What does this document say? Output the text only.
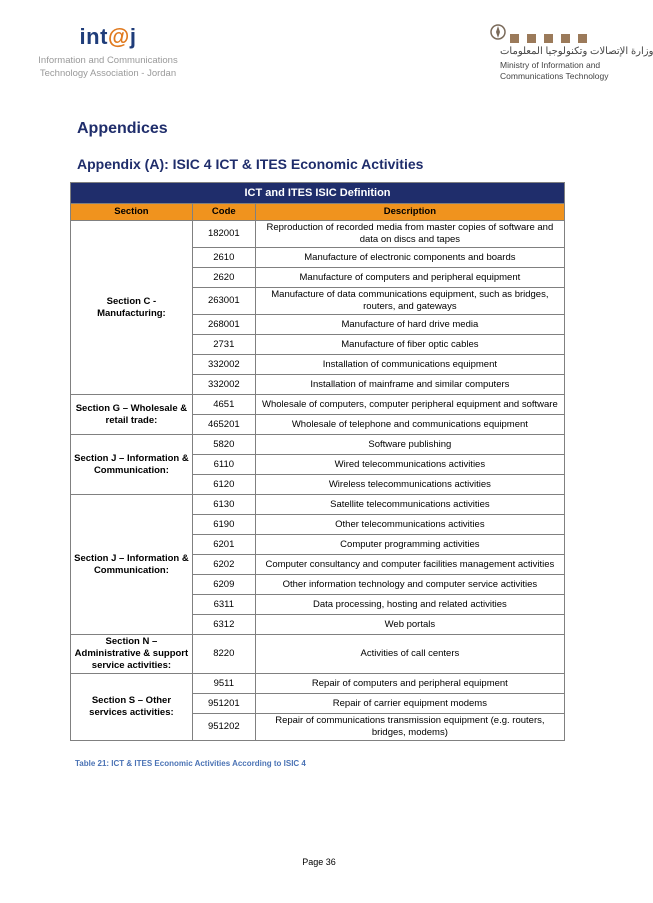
int@j
Information and Communications
Technology Association - Jordan
وزارة الإتصالات وتكنولوجيا المعلومات
Ministry of Information and
Communications Technology
Appendices
Appendix (A): ISIC 4 ICT & ITES Economic Activities
ICT and ITES ISIC Definition		
Section	Code	Description
Section C -
Manufacturing:	182001	Reproduction of recorded media from master copies of software and data on discs and tapes
	2610	Manufacture of electronic components and boards
	2620	Manufacture of computers and peripheral equipment
	263001	Manufacture of data communications equipment, such as bridges, routers, and gateways
	268001	Manufacture of hard drive media
	2731	Manufacture of fiber optic cables
	332002	Installation of communications equipment
	332002	Installation of mainframe and similar computers
Section G – Wholesale & retail trade:	4651	Wholesale of computers, computer peripheral equipment and software
	465201	Wholesale of telephone and communications equipment
Section J – Information & Communication:	5820	Software publishing
	6110	Wired telecommunications activities
	6120	Wireless telecommunications activities
Section J – Information & Communication:	6130	Satellite telecommunications activities
	6190	Other telecommunications activities
	6201	Computer programming activities
	6202	Computer consultancy and computer facilities management activities
	6209	Other information technology and computer service activities
	6311	Data processing, hosting and related activities
	6312	Web portals
Section N – Administrative & support service activities:	8220	Activities of call centers
Section S – Other services activities:	9511	Repair of computers and peripheral equipment
	951201	Repair of carrier equipment modems
	951202	Repair of communications transmission equipment (e.g. routers, bridges, modems)
Table 21: ICT & ITES Economic Activities According to ISIC 4
Page 36
